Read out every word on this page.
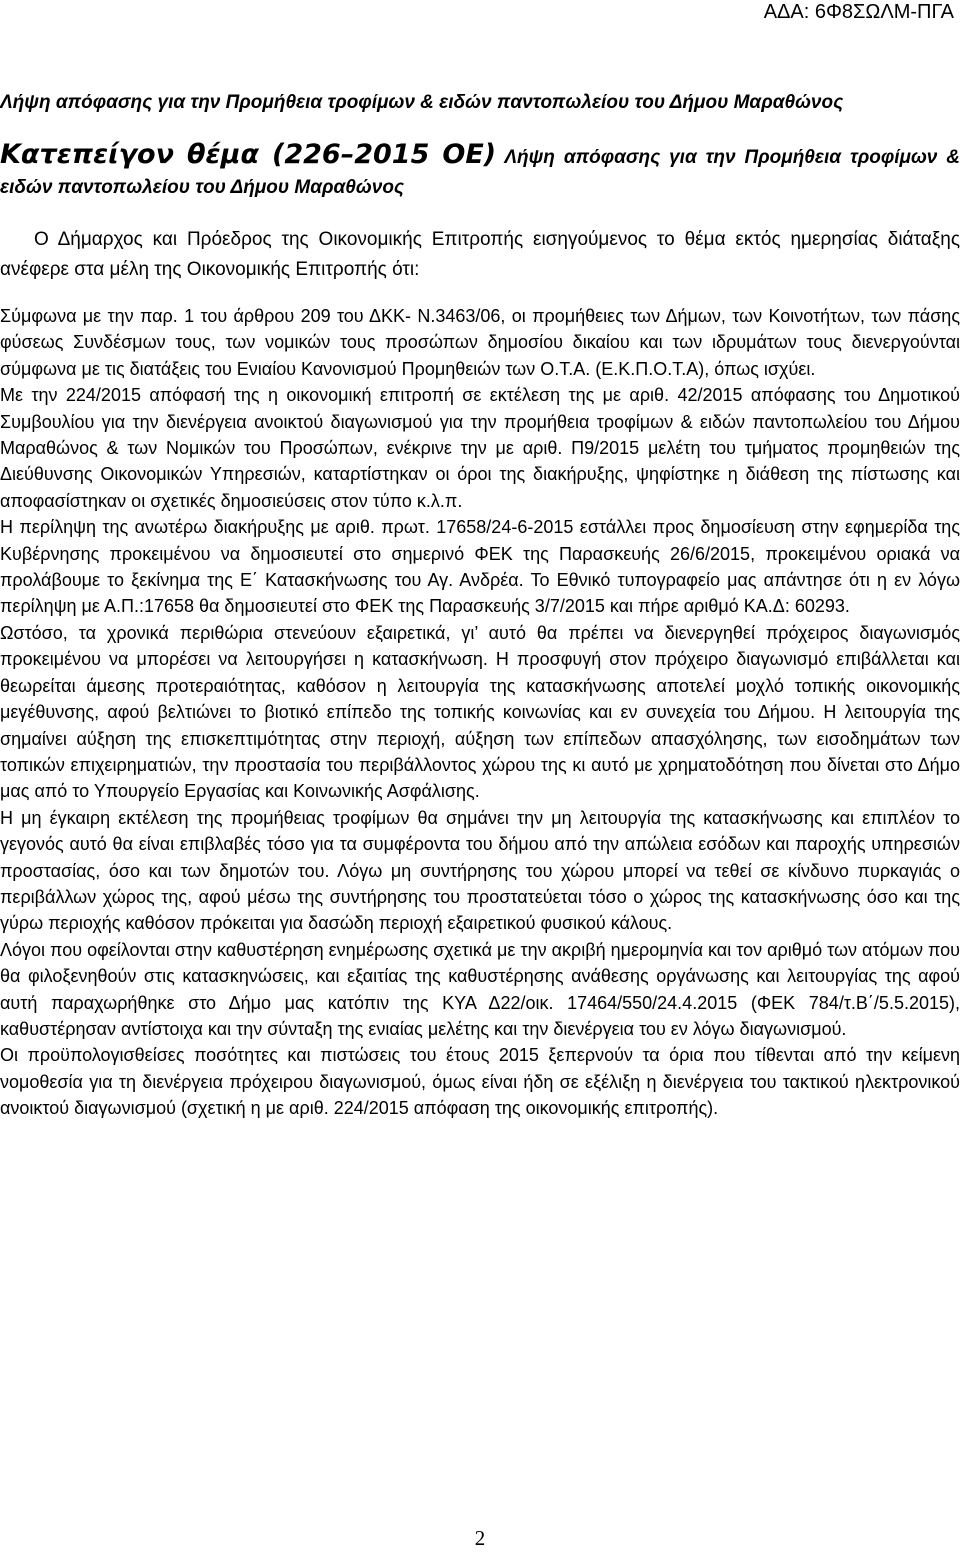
ΑΔΑ: 6Φ8ΣΩΛΜ-ΠΓΑ
Λήψη απόφασης για την Προμήθεια τροφίμων & ειδών παντοπωλείου του Δήμου Μαραθώνος
Κατεπείγον θέμα (226–2015 ΟΕ) Λήψη απόφασης για την Προμήθεια τροφίμων & ειδών παντοπωλείου του Δήμου Μαραθώνος
Ο Δήμαρχος και Πρόεδρος της Οικονομικής Επιτροπής εισηγούμενος το θέμα εκτός ημερησίας διάταξης ανέφερε στα μέλη της Οικονομικής Επιτροπής ότι:

Σύμφωνα με την παρ. 1 του άρθρου 209 του ΔΚΚ- Ν.3463/06, οι προμήθειες των Δήμων, των Κοινοτήτων, των πάσης φύσεως Συνδέσμων τους, των νομικών τους προσώπων δημοσίου δικαίου και των ιδρυμάτων τους διενεργούνται σύμφωνα με τις διατάξεις του Ενιαίου Κανονισμού Προμηθειών των Ο.Τ.Α. (Ε.Κ.Π.Ο.Τ.Α), όπως ισχύει.

Με την 224/2015 απόφασή της η οικονομική επιτροπή σε εκτέλεση της με αριθ. 42/2015 απόφασης του Δημοτικού Συμβουλίου για την διενέργεια ανοικτού διαγωνισμού για την προμήθεια τροφίμων & ειδών παντοπωλείου του Δήμου Μαραθώνος & των Νομικών του Προσώπων, ενέκρινε την με αριθ. Π9/2015 μελέτη του τμήματος προμηθειών της Διεύθυνσης Οικονομικών Υπηρεσιών, καταρτίστηκαν οι όροι της διακήρυξης, ψηφίστηκε η διάθεση της πίστωσης και αποφασίστηκαν οι σχετικές δημοσιεύσεις στον τύπο κ.λ.π.

Η περίληψη της ανωτέρω διακήρυξης με αριθ. πρωτ. 17658/24-6-2015 εστάλλει προς δημοσίευση στην εφημερίδα της Κυβέρνησης προκειμένου να δημοσιευτεί στο σημερινό ΦΕΚ της Παρασκευής 26/6/2015, προκειμένου οριακά να προλάβουμε το ξεκίνημα της Ε΄ Κατασκήνωσης του Αγ. Ανδρέα. Το Εθνικό τυπογραφείο μας απάντησε ότι η εν λόγω περίληψη με Α.Π.:17658 θα δημοσιευτεί στο ΦΕΚ της Παρασκευής 3/7/2015 και πήρε αριθμό ΚΑ.Δ: 60293.

Ωστόσο, τα χρονικά περιθώρια στενεύουν εξαιρετικά, γι’ αυτό θα πρέπει να διενεργηθεί πρόχειρος διαγωνισμός προκειμένου να μπορέσει να λειτουργήσει η κατασκήνωση. Η προσφυγή στον πρόχειρο διαγωνισμό επιβάλλεται και θεωρείται άμεσης προτεραιότητας, καθόσον η λειτουργία της κατασκήνωσης αποτελεί μοχλό τοπικής οικονομικής μεγέθυνσης, αφού βελτιώνει το βιοτικό επίπεδο της τοπικής κοινωνίας και εν συνεχεία του Δήμου. Η λειτουργία της σημαίνει αύξηση της επισκεπτιμότητας στην περιοχή, αύξηση των επίπεδων απασχόλησης, των εισοδημάτων των τοπικών επιχειρηματιών, την προστασία του περιβάλλοντος χώρου της κι αυτό με χρηματοδότηση που δίνεται στο Δήμο μας από το Υπουργείο Εργασίας και Κοινωνικής Ασφάλισης.

Η μη έγκαιρη εκτέλεση της προμήθειας τροφίμων θα σημάνει την μη λειτουργία της κατασκήνωσης και επιπλέον το γεγονός αυτό θα είναι επιβλαβές τόσο για τα συμφέροντα του δήμου από την απώλεια εσόδων και παροχής υπηρεσιών προστασίας, όσο και των δημοτών του. Λόγω μη συντήρησης του χώρου μπορεί να τεθεί σε κίνδυνο πυρκαγιάς ο περιβάλλων χώρος της, αφού μέσω της συντήρησης του προστατεύεται τόσο ο χώρος της κατασκήνωσης όσο και της γύρω περιοχής καθόσον πρόκειται για δασώδη περιοχή εξαιρετικού φυσικού κάλους.

Λόγοι που οφείλονται στην καθυστέρηση ενημέρωσης σχετικά με την ακριβή ημερομηνία και τον αριθμό των ατόμων που θα φιλοξενηθούν στις κατασκηνώσεις, και εξαιτίας της καθυστέρησης ανάθεσης οργάνωσης και λειτουργίας της αφού αυτή παραχωρήθηκε στο Δήμο μας κατόπιν της ΚΥΑ Δ22/οικ. 17464/550/24.4.2015 (ΦΕΚ 784/τ.Β΄/5.5.2015), καθυστέρησαν αντίστοιχα και την σύνταξη της ενιαίας μελέτης και την διενέργεια του εν λόγω διαγωνισμού.

Οι προϋπολογισθείσες ποσότητες και πιστώσεις του έτους 2015 ξεπερνούν τα όρια που τίθενται από την κείμενη νομοθεσία για τη διενέργεια πρόχειρου διαγωνισμού, όμως είναι ήδη σε εξέλιξη η διενέργεια του τακτικού ηλεκτρονικού ανοικτού διαγωνισμού (σχετική η με αριθ. 224/2015 απόφαση της οικονομικής επιτροπής).

2
